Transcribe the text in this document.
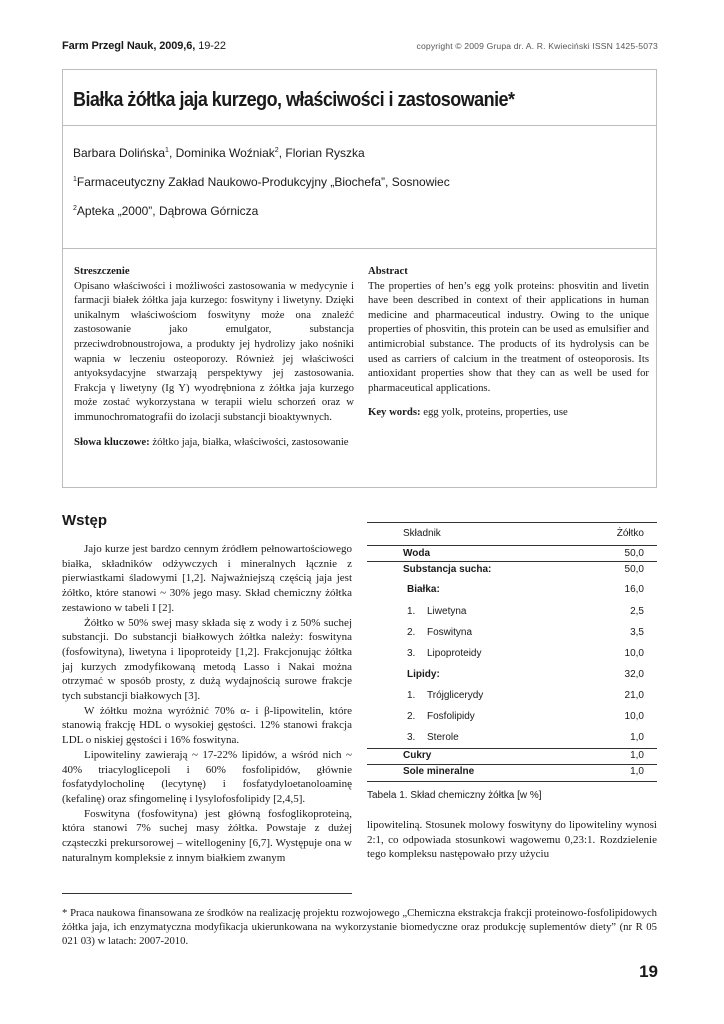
Farm Przegl Nauk, 2009,6, 19-22	copyright © 2009 Grupa dr. A. R. Kwieciński ISSN 1425-5073
Białka żółtka jaja kurzego, właściwości i zastosowanie*
Barbara Dolińska$^1$, Dominika Woźniak$^2$, Florian Ryszka
$^1$Farmaceutyczny Zakład Naukowo-Produkcyjny „Biochefa”, Sosnowiec
$^2$Apteka „2000”, Dąbrowa Górnicza
Streszczenie

Opisano właściwości i możliwości zastosowania w medycynie i farmacji białek żółtka jaja kurzego: foswityny i liwetyny. Dzięki unikalnym właściwościom foswityny może ona znaleźć zastosowanie jako emulgator, substancja przeciwdrobnoustrojowa, a produkty jej hydrolizy jako nośniki wapnia w leczeniu osteoporozy. Również jej właściwości antyoksydacyjne stwarzają perspektywy jej zastosowania. Frakcja γ liwetyny (Ig Y) wyodrębniona z żółtka jaja kurzego może zostać wykorzystana w terapii wielu schorzeń oraz w immunochromatografii do izolacji substancji bioaktywnych.

Słowa kluczowe: żółtko jaja, białka, właściwości, zastosowanie

Abstract

The properties of hen’s egg yolk proteins: phosvitin and livetin have been described in context of their applications in human medicine and pharmaceutical industry. Owing to the unique properties of phosvitin, this protein can be used as emulsifier and antimicrobial substance. The products of its hydrolysis can be used as carriers of calcium in the treatment of osteoporosis. Its antioxidant properties show that they can as well be used for pharmaceutical applications.

Key words: egg yolk, proteins, properties, use

Wstęp

Jajo kurze jest bardzo cennym źródłem pełnowartościowego białka, składników odżywczych i mineralnych łącznie z pierwiastkami śladowymi [1,2]. Najważniejszą częścią jaja jest żółtko, które stanowi ~ 30% jego masy. Skład chemiczny żółtka zestawiono w tabeli I [2].

Żółtko w 50% swej masy składa się z wody i z 50% suchej substancji. Do substancji białkowych żółtka należy: foswityna (fosfowityna), liwetyna i lipoproteidy [1,2]. Frakcjonując żółtka jaj kurzych zmodyfikowaną metodą Lasso i Nakai można otrzymać w sposób prosty, z dużą wydajnością surowe frakcje tych substancji białkowych [3].

W żółtku można wyróżnić 70% α- i β-lipowitelin, które stanowią frakcję HDL o wysokiej gęstości. 12% stanowi frakcja LDL o niskiej gęstości i 16% foswityna.

Lipowiteliny zawierają ~ 17-22% lipidów, a wśród nich ~ 40% triacyloglicероli i 60% fosfolipidów, głównie fosfatydylocholinę (lecytynę) i fosfatydyloetanoloaminę (kefalinę) oraz sfingomelinę i lysylofosfolipidy [2,4,5].

Foswityna (fosfowityna) jest główną fosfoglikoproteiną, która stanowi 7% suchej masy żółtka. Powstaje z dużej cząsteczki prekursorowej – witellogeniny [6,7]. Występuje ona w naturalnym kompleksie z innym białkiem zwanym

Składnik	Żółtko
Woda	50,0
Substancja sucha:	50,0
Białka:	16,0
1. Liwetyna	2,5
2. Foswityna	3,5
3. Lipoproteidy	10,0
Lipidy:	32,0
1. Trójglicerydy	21,0
2. Fosfolipidy	10,0
3. Sterole	1,0
Cukry	1,0
Sole mineralne	1,0
Tabela 1. Skład chemiczny żółtka [w %]

lipowiteliną. Stosunek molowy foswityny do lipowiteliny wynosi 2:1, co odpowiada stosunkowi wagowemu 0,23:1. Rozdzielenie tego kompleksu następowało przy użyciu

* Praca naukowa finansowana ze środków na realizację projektu rozwojowego „Chemiczna ekstrakcja frakcji proteinowo-fosfolipidowych żółtka jaja, ich enzymatyczna modyfikacja ukierunkowana na wykorzystanie biomedyczne oraz produkcję suplementów diety” (nr R 05 021 03) w latach: 2007-2010.
19
